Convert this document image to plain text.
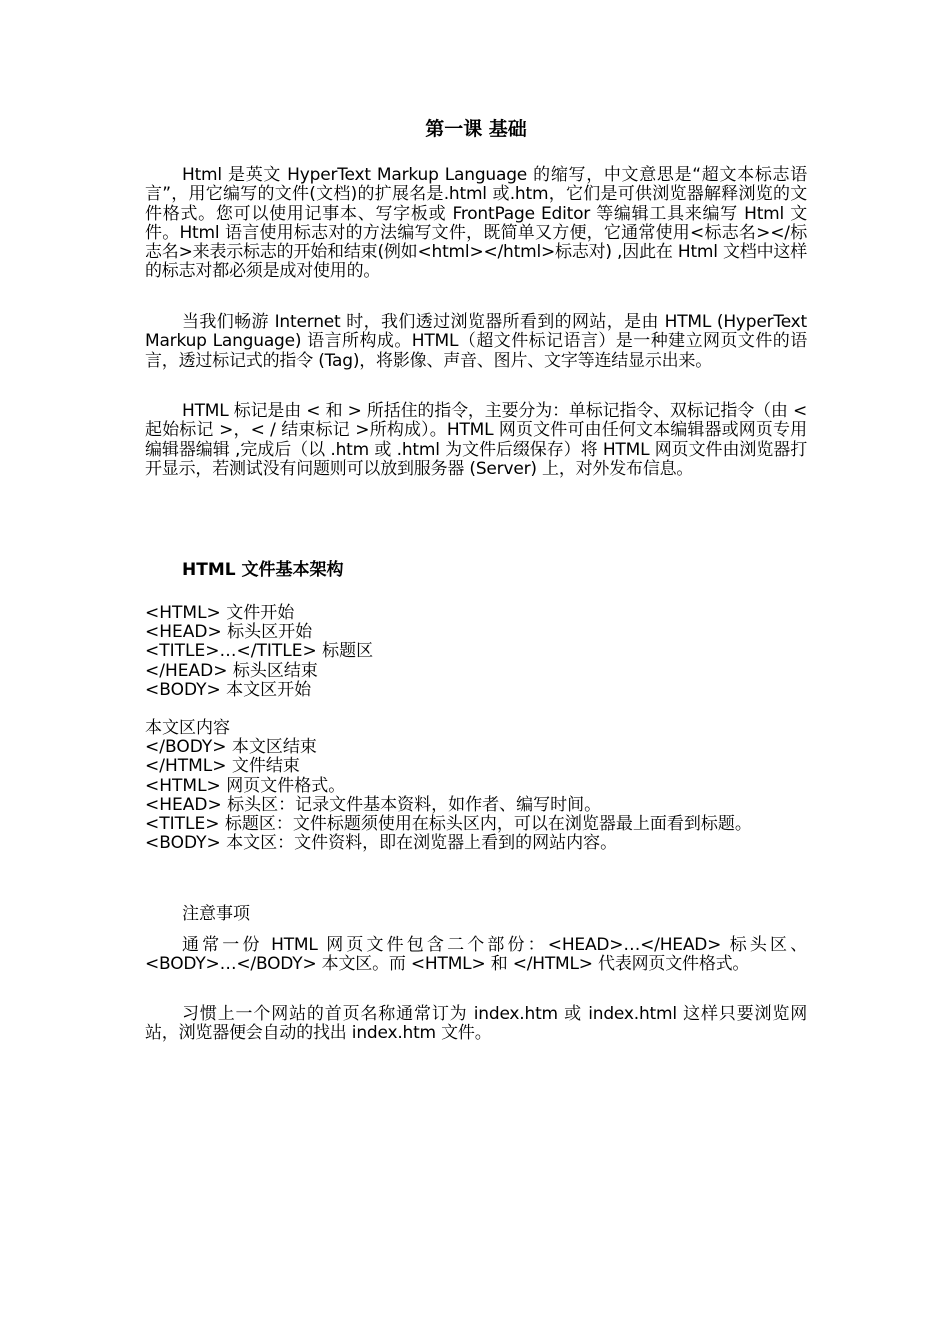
第一课 基础

Html 是英文 HyperText Markup Language 的缩写，中文意思是“超文本标志语言”，用它编写的文件(文档)的扩展名是.html 或.htm，它们是可供浏览器解释浏览的文件格式。您可以使用记事本、写字板或 FrontPage Editor 等编辑工具来编写 Html 文件。Html 语言使用标志对的方法编写文件，既简单又方便，它通常使用<标志名></标志名>来表示标志的开始和结束(例如<html></html>标志对) ,因此在 Html 文档中这样的标志对都必须是成对使用的。

当我们畅游 Internet 时，我们透过浏览器所看到的网站，是由 HTML (HyperText Markup Language) 语言所构成。HTML（超文件标记语言）是一种建立网页文件的语言，透过标记式的指令 (Tag)，将影像、声音、图片、文字等连结显示出来。

HTML 标记是由 < 和 > 所括住的指令，主要分为：单标记指令、双标记指令（由 < 起始标记 >，< / 结束标记 >所构成）。HTML 网页文件可由任何文本编辑器或网页专用编辑器编辑 ,完成后（以 .htm 或 .html 为文件后缀保存）将 HTML 网页文件由浏览器打开显示，若测试没有问题则可以放到服务器 (Server) 上，对外发布信息。

HTML 文件基本架构
<HTML> 文件开始
<HEAD> 标头区开始
<TITLE>…</TITLE> 标题区
</HEAD> 标头区结束
<BODY> 本文区开始
本文区内容
</BODY> 本文区结束
</HTML> 文件结束
<HTML> 网页文件格式。
<HEAD> 标头区：记录文件基本资料，如作者、编写时间。
<TITLE> 标题区：文件标题须使用在标头区内，可以在浏览器最上面看到标题。
<BODY> 本文区：文件资料，即在浏览器上看到的网站内容。

注意事项

通常一份 HTML 网页文件包含二个部份：<HEAD>…</HEAD> 标头区、<BODY>…</BODY> 本文区。而 <HTML> 和 </HTML> 代表网页文件格式。

习惯上一个网站的首页名称通常订为 index.htm 或 index.html 这样只要浏览网站，浏览器便会自动的找出 index.htm 文件。
